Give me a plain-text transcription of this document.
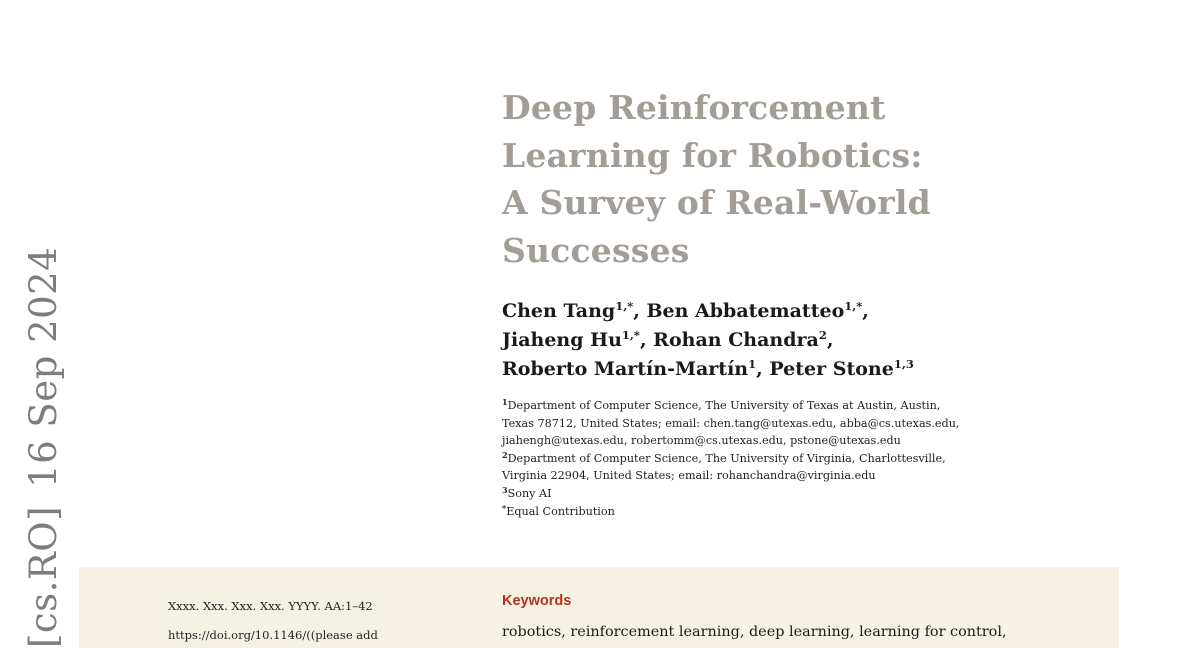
[cs.RO]16 Sep 2024
Deep Reinforcement
Learning for Robotics:
A Survey of Real-World
Successes
Chen Tang$^{1,*}$, Ben Abbatematteo$^{1,*}$,
Jiaheng $Hu^{1,*}$, Rohan Chandra$^2$,
Roberto Martín-Martín$^1$, Peter Stone$^{1,3}$
$^1$Department of Computer Science, The University of Texas at Austin, Austin,
Texas 78712, United States; email: chen.tang@utexas.edu, abba@cs.utexas.edu,
jiahengh@utexas.edu, robertomm@cs.utexas.edu, pstone@utexas.edu
$^2$Department of Computer Science, The University of Virginia, Charlottesville,
Virginia 22904, United States; email: rohanchandra@virginia.edu
$^3$Sony AI
*Equal Contribution
Xxxx. Xxx. Xxx. Xxx. YYYY. AA:1–42
https://doi.org/10.1146/((please add
Keywords
robotics, reinforcement learning, deep learning, learning for control,
